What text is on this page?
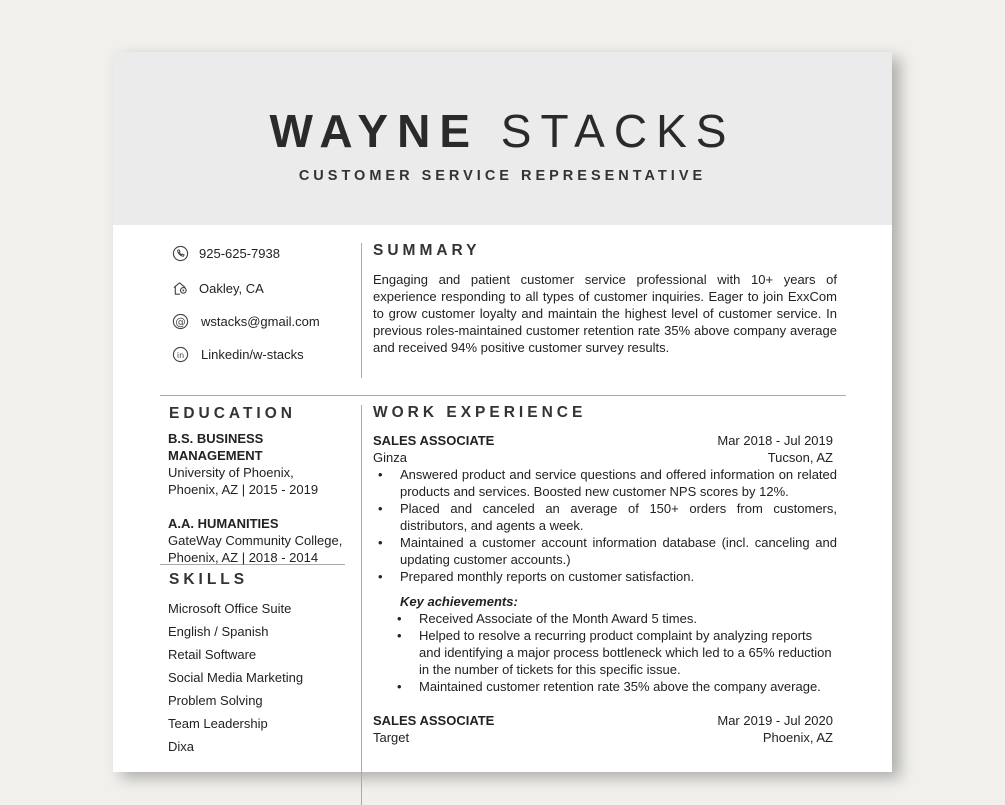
WAYNE STACKS
CUSTOMER SERVICE REPRESENTATIVE
925-625-7938
Oakley, CA
@ wstacks@gmail.com
in Linkedin/w-stacks
SUMMARY
Engaging and patient customer service professional with 10+ years of experience responding to all types of customer inquiries. Eager to join ExxCom to grow customer loyalty and maintain the highest level of customer service. In previous roles-maintained customer retention rate 35% above company average and received 94% positive customer survey results.
EDUCATION
B.S. BUSINESS MANAGEMENT
University of Phoenix,
Phoenix, AZ | 2015 - 2019
A.A. HUMANITIES
GateWay Community College,
Phoenix, AZ | 2018 - 2014
SKILLS
Microsoft Office Suite
English / Spanish
Retail Software
Social Media Marketing
Problem Solving
Team Leadership
Dixa
WORK EXPERIENCE
SALES ASSOCIATE	Mar 2018 - Jul 2019
Ginza	Tucson, AZ
• Answered product and service questions and offered information on related products and services. Boosted new customer NPS scores by 12%.
• Placed and canceled an average of 150+ orders from customers, distributors, and agents a week.
• Maintained a customer account information database (incl. canceling and updating customer accounts.)
• Prepared monthly reports on customer satisfaction.
Key achievements:
• Received Associate of the Month Award 5 times.
• Helped to resolve a recurring product complaint by analyzing reports and identifying a major process bottleneck which led to a 65% reduction in the number of tickets for this specific issue.
• Maintained customer retention rate 35% above the company average.
SALES ASSOCIATE	Mar 2019 - Jul 2020
Target	Phoenix, AZ
